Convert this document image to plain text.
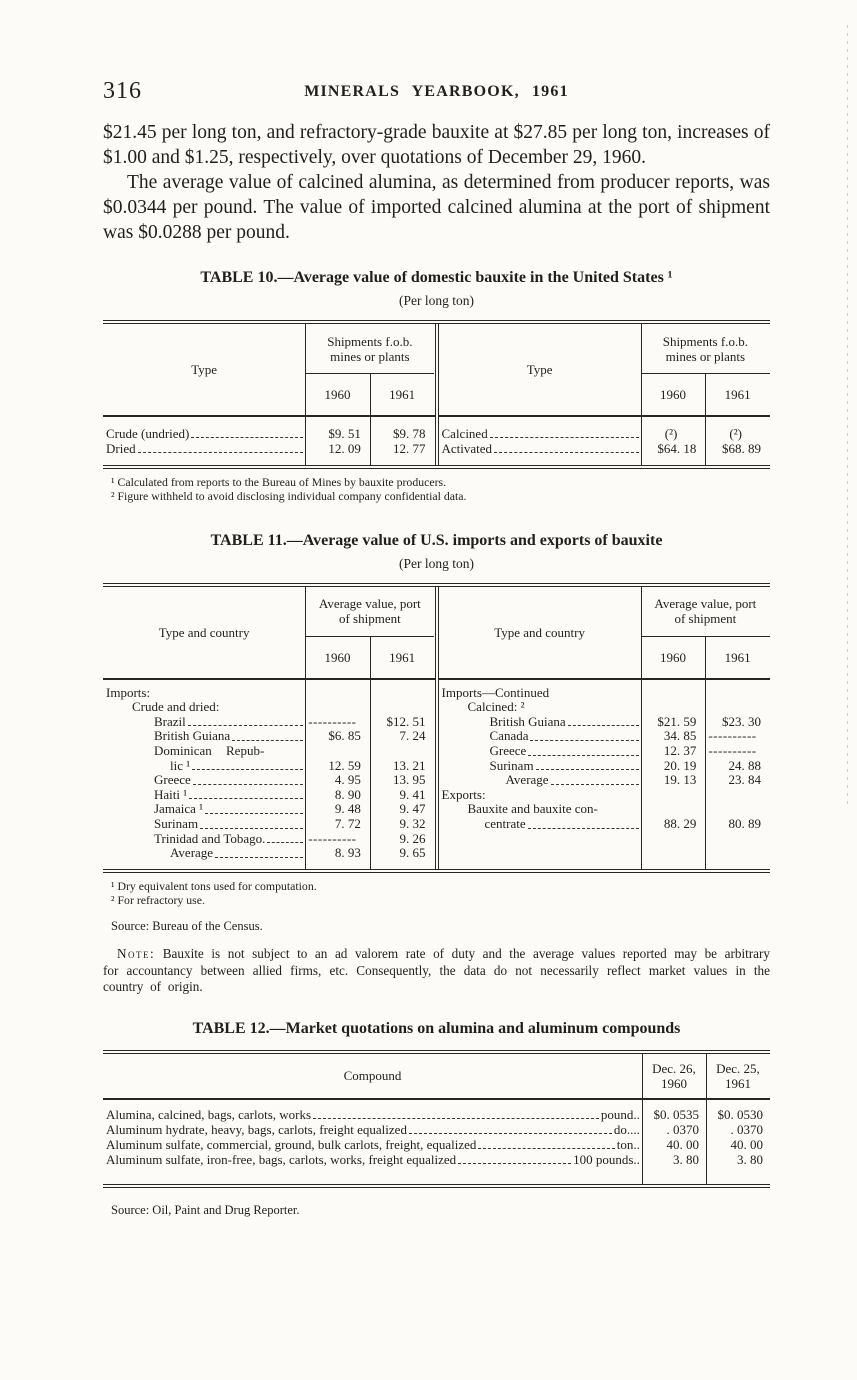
316	MINERALS YEARBOOK, 1961

$21.45 per long ton, and refractory-grade bauxite at $27.85 per long ton, increases of $1.00 and $1.25, respectively, over quotations of December 29, 1960.

The average value of calcined alumina, as determined from producer reports, was $0.0344 per pound. The value of imported calcined alumina at the port of shipment was $0.0288 per pound.

TABLE 10.—Average value of domestic bauxite in the United States ¹
(Per long ton)
Type
Shipments f.o.b. mines or plants
1960	1961
Crude (undried)	$9. 51	$9. 78
Dried	12. 09	12. 77
Type
Shipments f.o.b. mines or plants
1960	1961
Calcined	(²)	(²)
Activated	$64. 18	$68. 89
¹ Calculated from reports to the Bureau of Mines by bauxite producers.
² Figure withheld to avoid disclosing individual company confidential data.
TABLE 11.—Average value of U.S. imports and exports of bauxite
(Per long ton)
Type and country
Average value, port of shipment
1960	1961
Imports:
Crude and dried:
Brazil	----------	$12. 51
British Guiana	$6. 85	7. 24
Dominican Repub-
lic ¹	12. 59	13. 21
Greece	4. 95	13. 95
Haiti ¹	8. 90	9. 41
Jamaica ¹	9. 48	9. 47
Surinam	7. 72	9. 32
Trinidad and Tobago.	----------	9. 26
Average	8. 93	9. 65
Type and country
Average value, port of shipment
1960	1961
Imports—Continued
Calcined: ²
British Guiana	$21. 59	$23. 30
Canada	34. 85 ----------
Greece	12. 37 ----------
Surinam	20. 19	24. 88
Average	19. 13	23. 84
Exports:
Bauxite and bauxite con-
centrate	88. 29	80. 89
¹ Dry equivalent tons used for computation.
² For refractory use.
Source: Bureau of the Census.

Note: Bauxite is not subject to an ad valorem rate of duty and the average values reported may be arbitrary for accountancy between allied firms, etc. Consequently, the data do not necessarily reflect market values in the country of origin.

TABLE 12.—Market quotations on alumina and aluminum compounds
Compound	Dec. 26,
1960
Dec. 25,
1961
Alumina, calcined, bags, carlots, works	pound..	$0. 0535	$0. 0530
Aluminum hydrate, heavy, bags, carlots, freight equalized	do....	. 0370	. 0370
Aluminum sulfate, commercial, ground, bulk carlots, freight, equalized	ton..	40. 00	40. 00
Aluminum sulfate, iron-free, bags, carlots, works, freight equalized	100 pounds..	3. 80	3. 80
Source: Oil, Paint and Drug Reporter.
